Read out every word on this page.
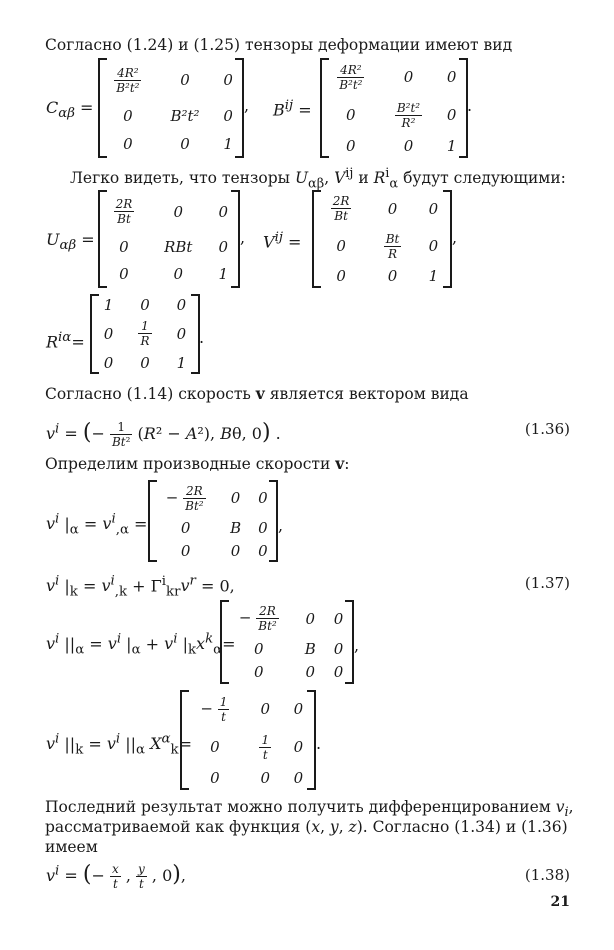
Согласно (1.24) и (1.25) тензоры деформации имеют вид
$C_{\alpha\beta}$ =
$\frac{\text{4R²}}{\text{B²t²}}$	0	0
0	B²t²	0
0	0	1
, $B^{ij}$ =
$\frac{\text{4R²}}{\text{B²t²}}$	0	0
0	$\frac{\text{B²t²}}{\text{R²}}$	0
0	0	1
.
Легко видеть, что тензоры $U_{\alpha\beta}$, $V^{ij}$ и $R^i_\alpha$ будут следующими:
$U_{\alpha\beta}$ =
$\frac{2R}{Bt}$	0	0
0	RBt	0
0	0	1
, $V^{ij}$ =
$\frac{2R}{Bt}$	0	0
0	$\frac{Bt}{R}$	0
0	0	1
,
$R^{i\alpha}=$
1	0	0
0	$\frac{1}{R}$	0
0	0	1
.
Согласно (1.14) скорость v является вектором вида
$v^i$ = (− $\frac{1}{\text{Bt²}} (R^2 - A^2)$, Bθ, 0) .	(1.36)
Определим производные скорости v:
$v^i$ $|_\alpha = v^i_{,\alpha}$ =
− $\frac{2R}{\text{Bt²}}$	0	0
0	B	0
0	0	0
,
$v^i$ $|_k = v^i_{,k} + \Gamma^i_{kr}v^r = 0$,	(1.37)
$v^i$ $||_\alpha = v^i$ $|_\alpha + v^i$ $|_kx^k_\alpha=$
− $\frac{2R}{\text{Bt²}}$	0	0
0	B	0
0	0	0
,
$v^i$ $||_k = v^i$ $||_\alpha$ $X^\alpha_k=$
− $\frac{1}{t}$	0	0
0	$\frac{1}{t}$	0
0	0	0
.
Последний результат можно получить дифференцированием $v_i$,
рассматриваемой как функция (x, y, z). Согласно (1.34) и (1.36)
имеем
$v^i$ = (− $\frac{x}{t}$ , $\frac{y}{t}$ , 0),	(1.38)
21
